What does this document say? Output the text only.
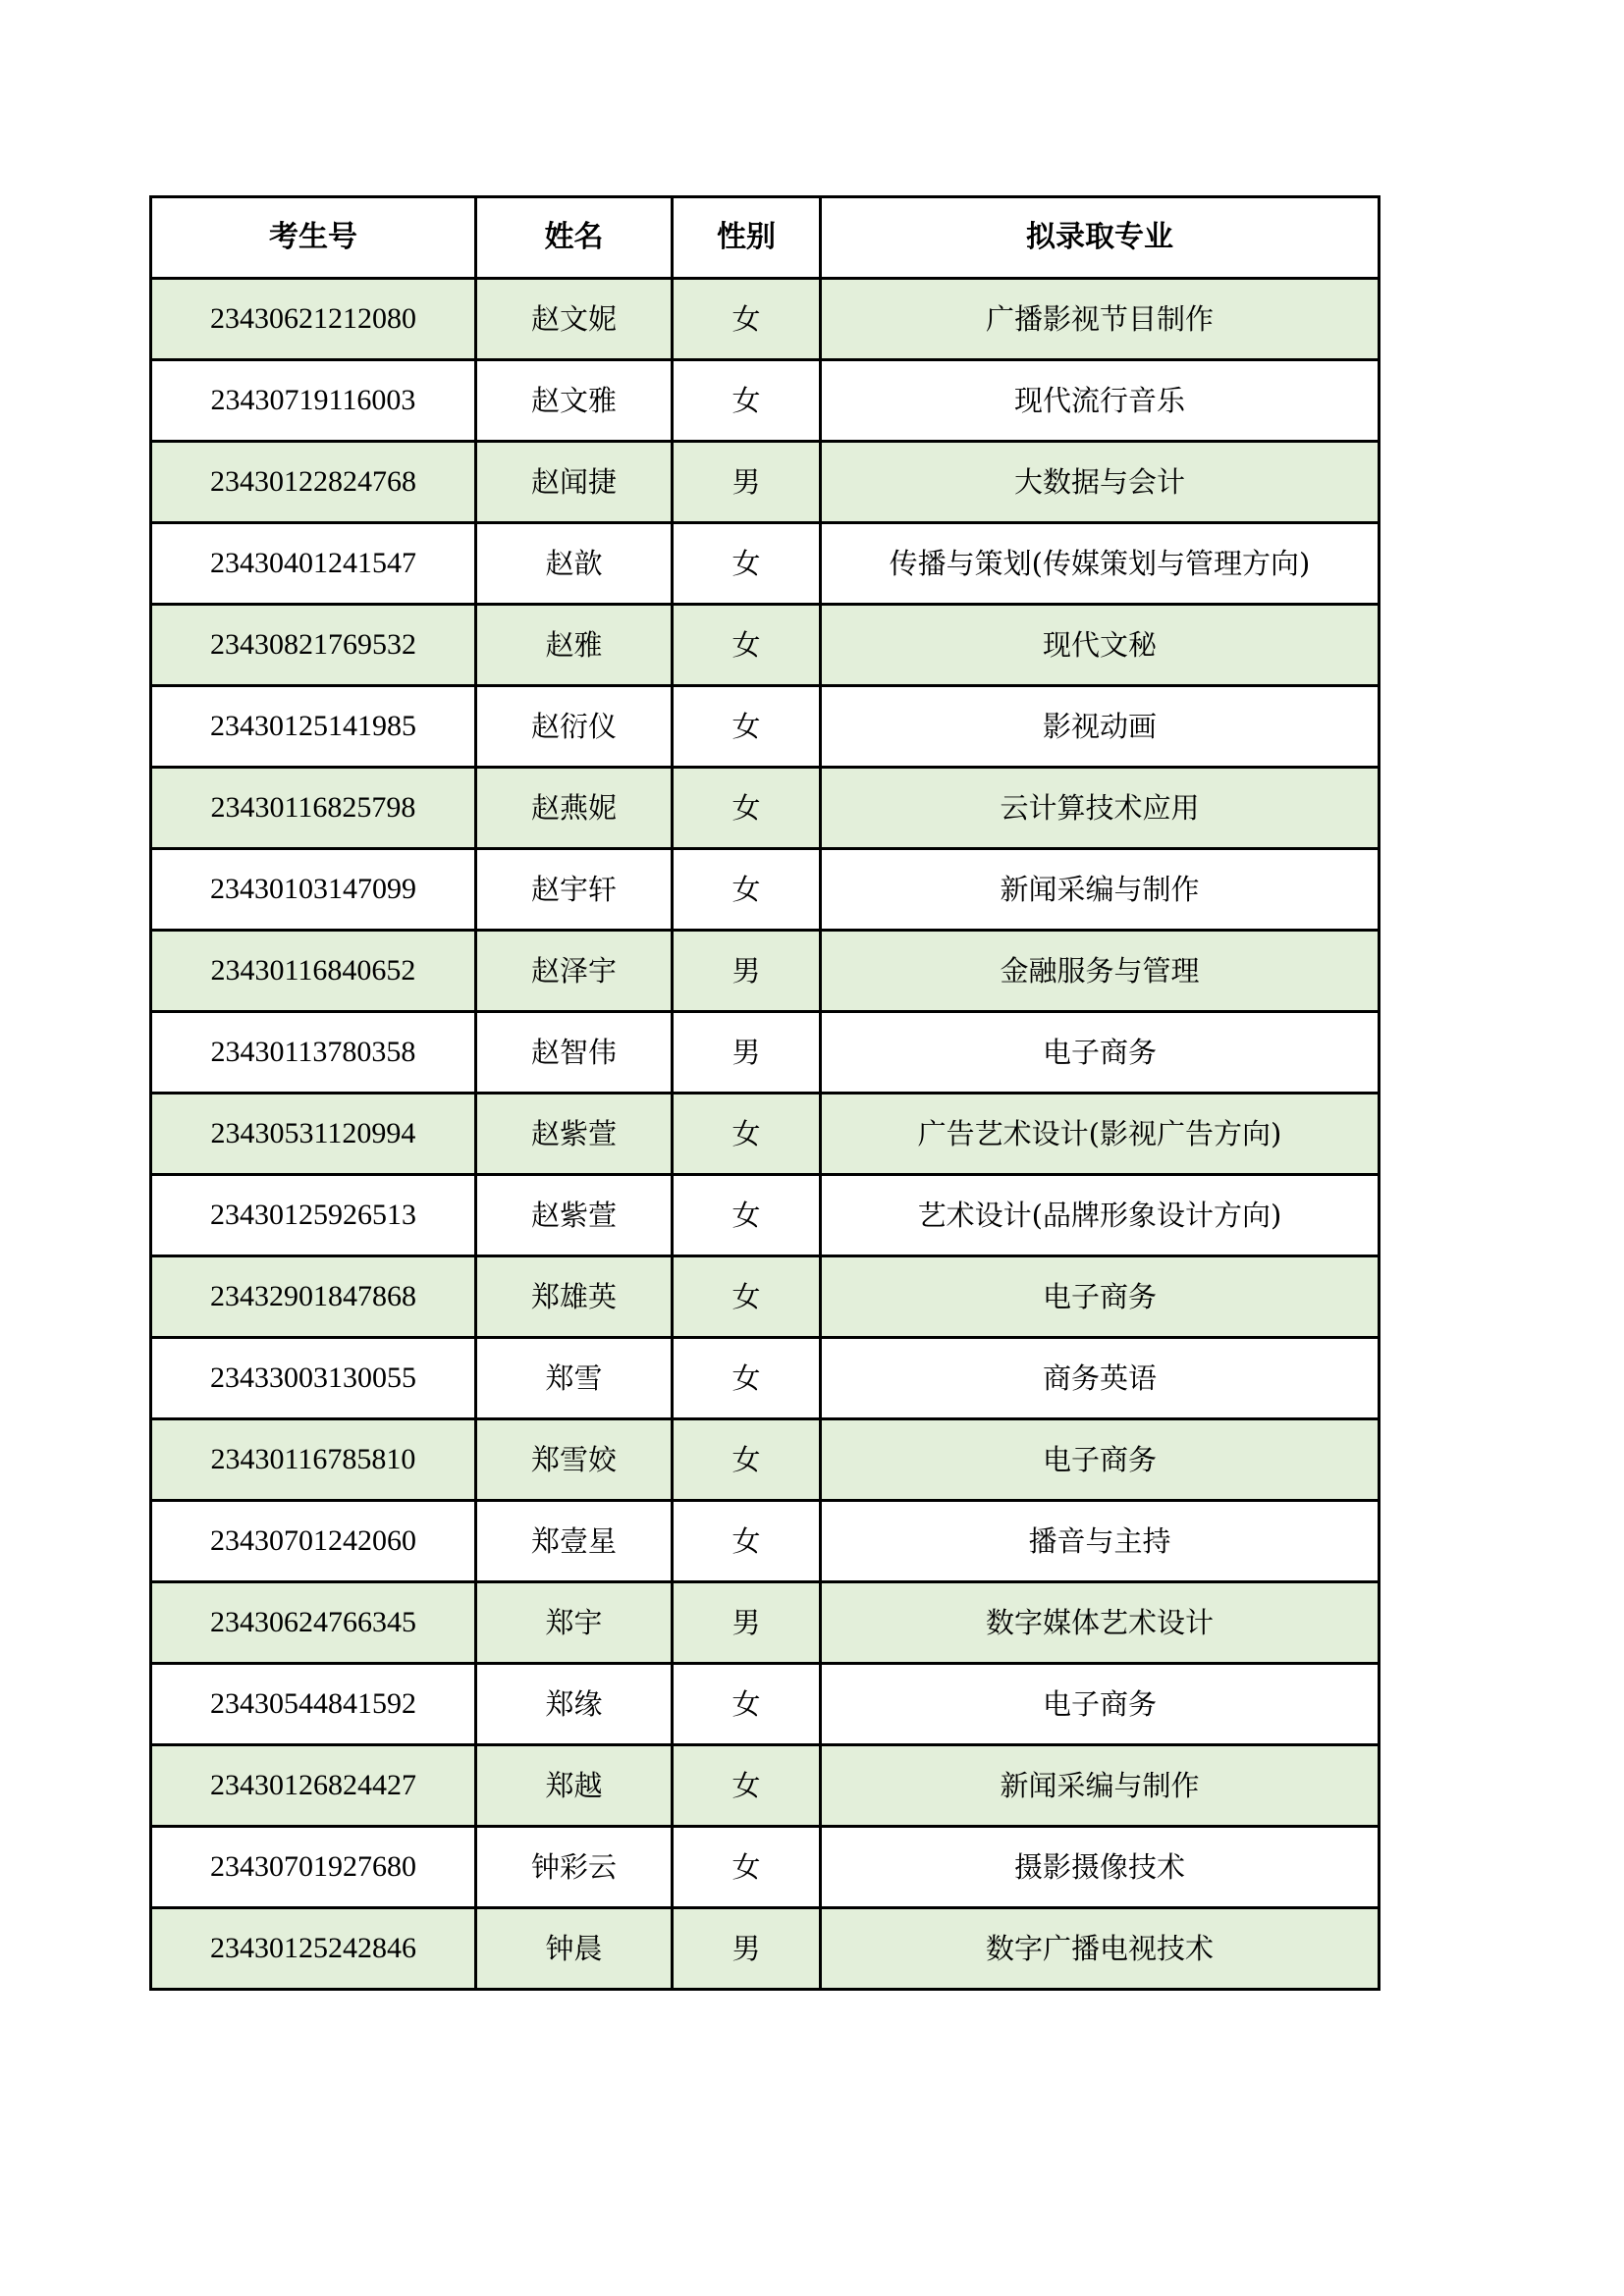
考生号	姓名	性别	拟录取专业
23430621212080	赵文妮	女	广播影视节目制作
23430719116003	赵文雅	女	现代流行音乐
23430122824768	赵闻捷	男	大数据与会计
23430401241547	赵歆	女	传播与策划(传媒策划与管理方向)
23430821769532	赵雅	女	现代文秘
23430125141985	赵衍仪	女	影视动画
23430116825798	赵燕妮	女	云计算技术应用
23430103147099	赵宇轩	女	新闻采编与制作
23430116840652	赵泽宇	男	金融服务与管理
23430113780358	赵智伟	男	电子商务
23430531120994	赵紫萱	女	广告艺术设计(影视广告方向)
23430125926513	赵紫萱	女	艺术设计(品牌形象设计方向)
23432901847868	郑雄英	女	电子商务
23433003130055	郑雪	女	商务英语
23430116785810	郑雪姣	女	电子商务
23430701242060	郑壹星	女	播音与主持
23430624766345	郑宇	男	数字媒体艺术设计
23430544841592	郑缘	女	电子商务
23430126824427	郑越	女	新闻采编与制作
23430701927680	钟彩云	女	摄影摄像技术
23430125242846	钟晨	男	数字广播电视技术
